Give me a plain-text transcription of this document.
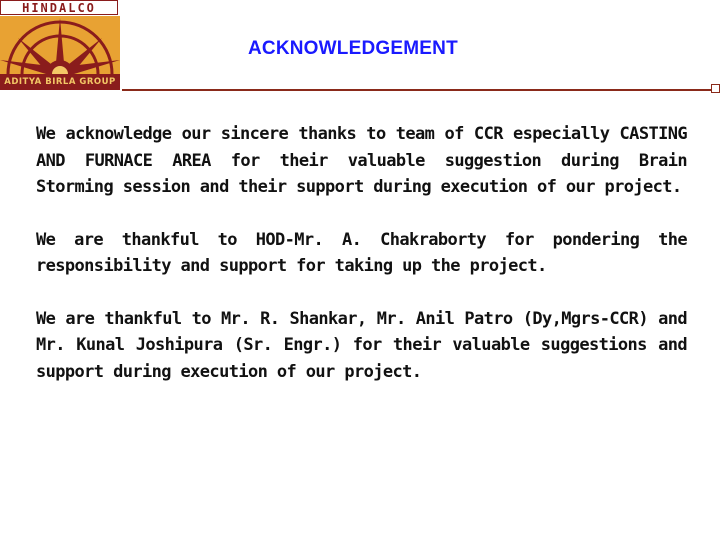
HINDALCO
ADITYA BIRLA GROUP
ACKNOWLEDGEMENT

We acknowledge our sincere thanks to team of CCR especially CASTING AND FURNACE AREA for their valuable suggestion during Brain Storming session and their support during execution of our project.

We are thankful to HOD-Mr. A. Chakraborty for pondering the responsibility and support for taking up the project.

We are thankful to Mr. R. Shankar, Mr. Anil Patro (Dy,Mgrs-CCR) and Mr. Kunal Joshipura (Sr. Engr.) for their valuable suggestions and support during execution of our project.
